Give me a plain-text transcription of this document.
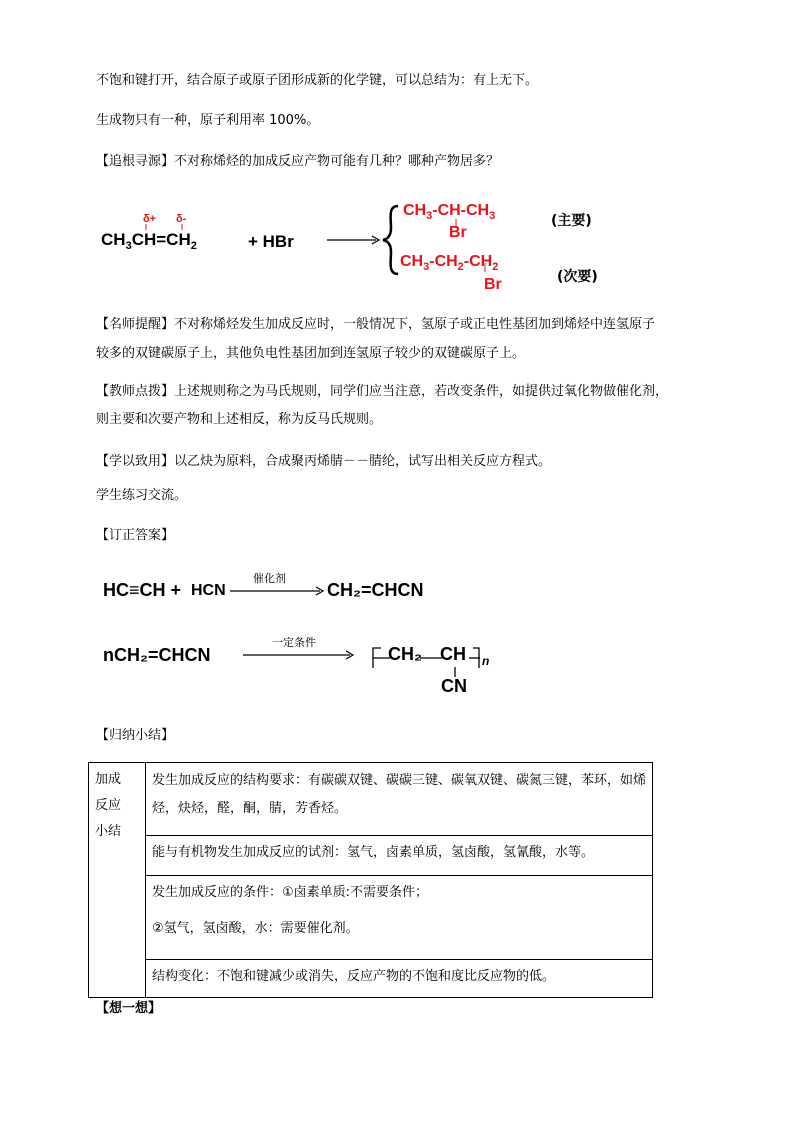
不饱和键打开，结合原子或原子团形成新的化学键，可以总结为：有上无下。
生成物只有一种，原子利用率 100%。
【追根寻源】不对称烯烃的加成反应产物可能有几种？哪种产物居多？
$CH_3CH=CH_2$
δ+ δ-
+ HBr
$CH_3-CH-CH_3$
Br
$CH_3-CH_2-CH_2$
Br
(主要)
(次要)
【名师提醒】不对称烯烃发生加成反应时，一般情况下，氢原子或正电性基团加到烯烃中连氢原子
较多的双键碳原子上，其他负电性基团加到连氢原子较少的双键碳原子上。
【教师点拨】上述规则称之为马氏规则，同学们应当注意，若改变条件，如提供过氧化物做催化剂，
则主要和次要产物和上述相反，称为反马氏规则。
【学以致用】以乙炔为原料，合成聚丙烯腈－－腈纶，试写出相关反应方程式。
学生练习交流。
【订正答案】
HC≡CH + HCN
催化剂
CH₂=CHCN
nCH₂=CHCN
一定条件
CH₂ CH
CN
n
【归纳小结】
加成
反应
小结
	发生加成反应的结构要求：有碳碳双键、碳碳三键、碳氧双键、碳氮三键，苯环，如烯烃，炔烃，醛，酮，腈，芳香烃。
能与有机物发生加成反应的试剂：氢气，卤素单质，氢卤酸，氢氰酸，水等。

发生加成反应的条件：①卤素单质:不需要条件；
②氢气，氢卤酸，水：需要催化剂。

结构变化：不饱和键减少或消失，反应产物的不饱和度比反应物的低。
【想一想】
